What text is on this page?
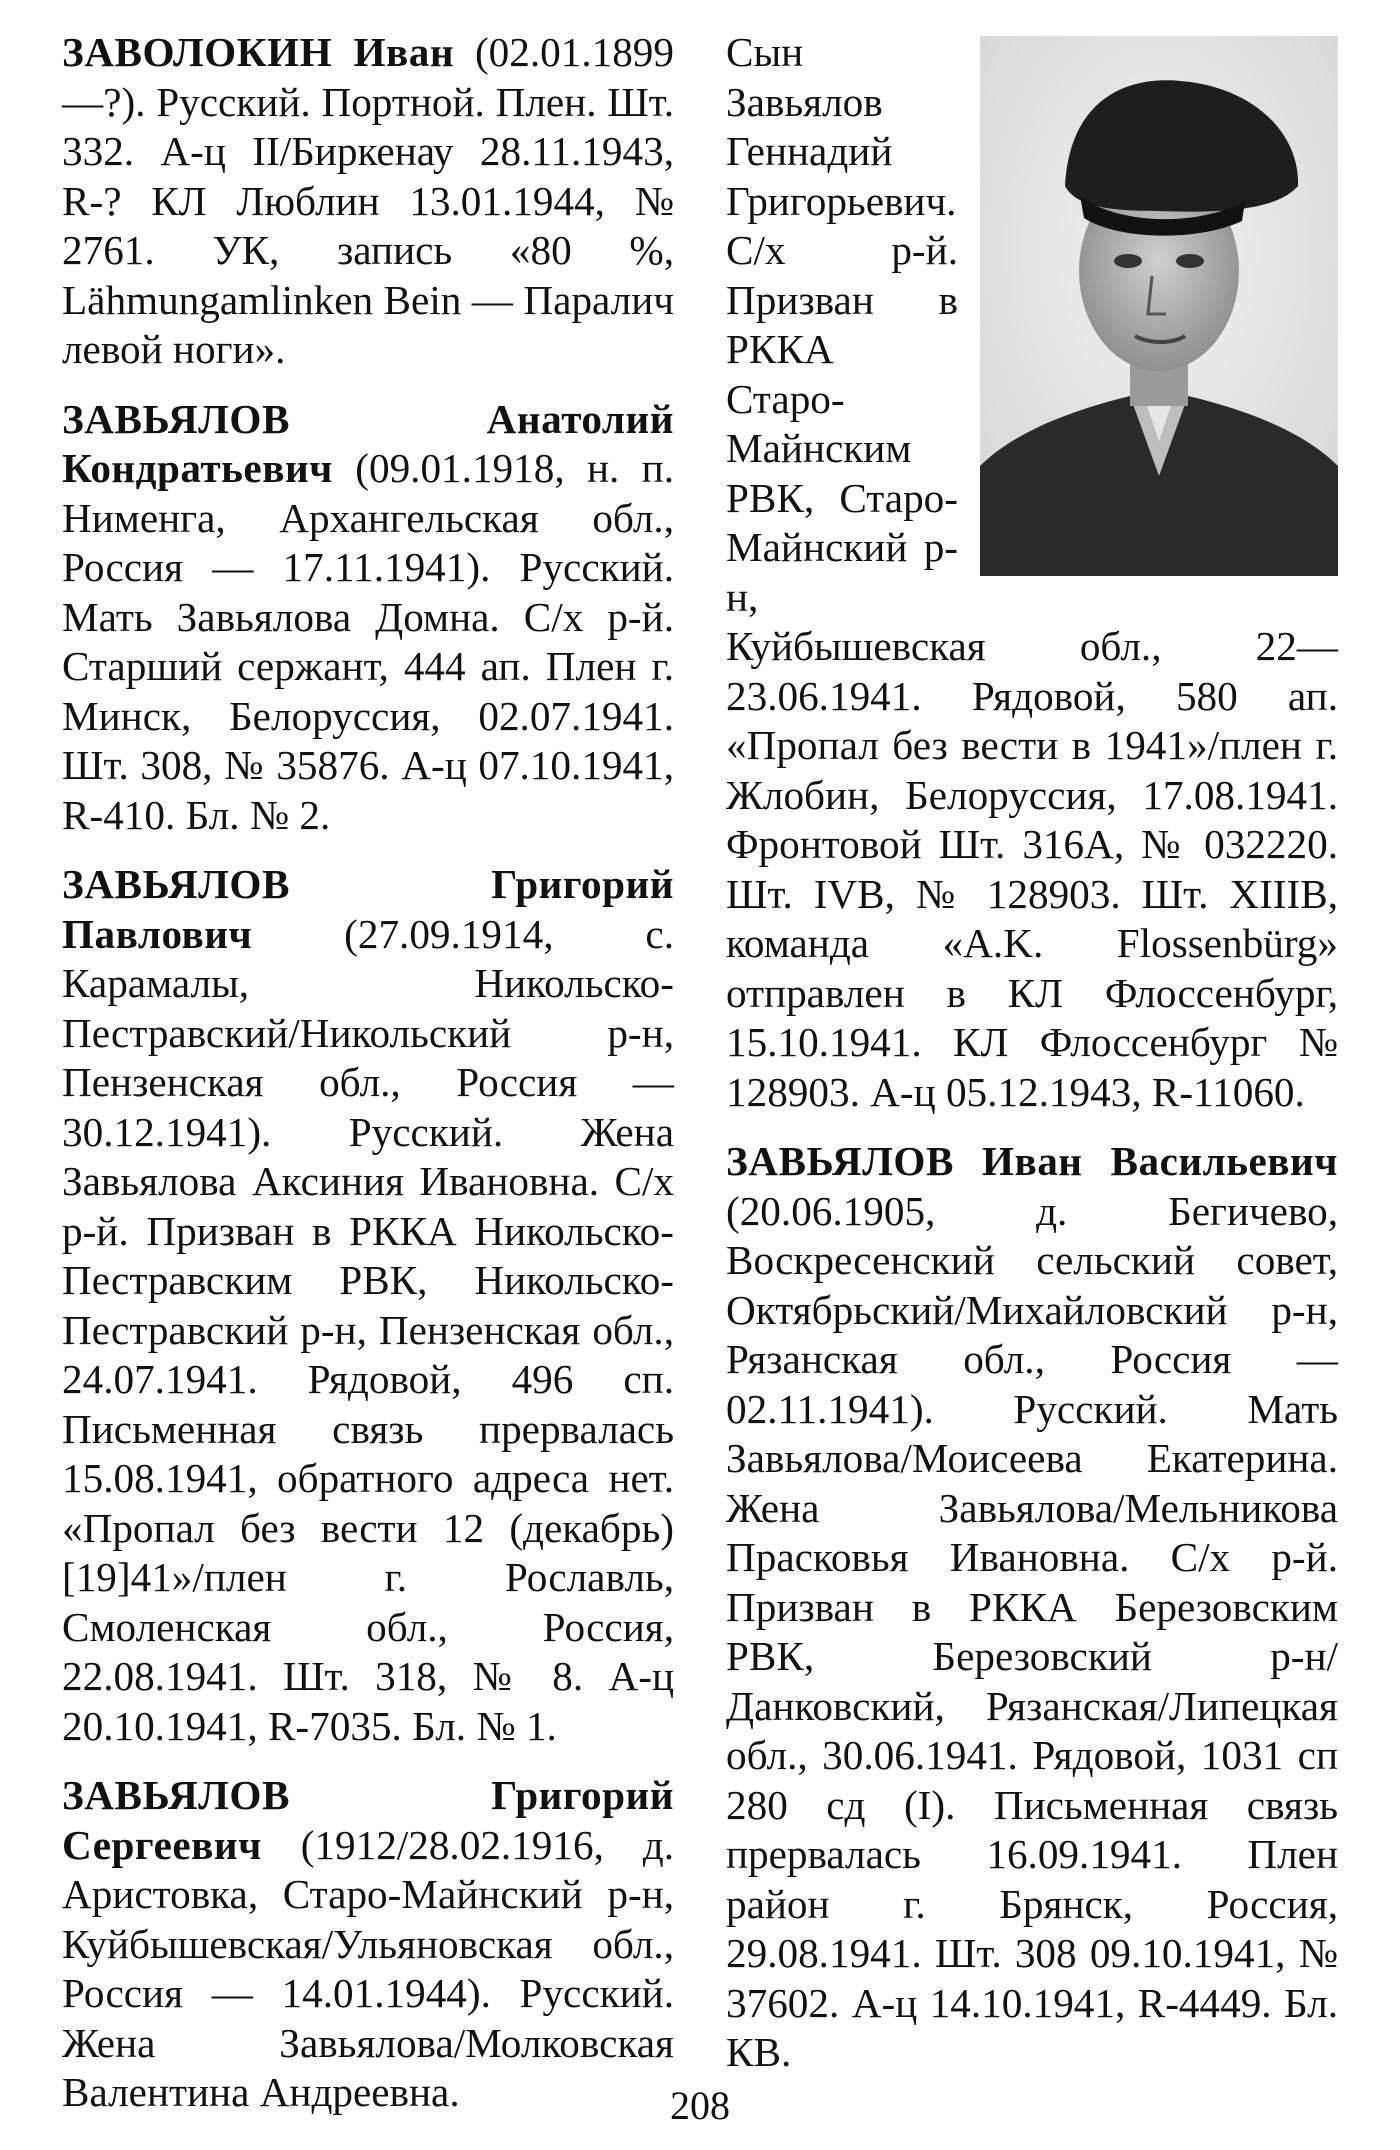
ЗАВОЛОКИН Иван (02.01.1899—?). Русский. Портной. Плен. Шт. 332. А-ц II/Биркенау 28.11.1943, R-? КЛ Люблин 13.01.1944, № 2761. УК, запись «80 %, Lähmungamlinken Bein — Паралич левой ноги».

ЗАВЬЯЛОВ Анатолий Кондратьевич (09.01.1918, н. п. Нименга, Архангельская обл., Россия — 17.11.1941). Русский. Мать Завьялова Домна. С/х р-й. Старший сержант, 444 ап. Плен г. Минск, Белоруссия, 02.07.1941. Шт. 308, № 35876. А-ц 07.10.1941, R-410. Бл. № 2.

ЗАВЬЯЛОВ Григорий Павлович (27.09.1914, с. Карамалы, Никольско-Пестравский/Никольский р-н, Пензенская обл., Россия — 30.12.1941). Русский. Жена Завьялова Аксиния Ивановна. С/х р-й. Призван в РККА Никольско-Пестравским РВК, Никольско-Пестравский р-н, Пензенская обл., 24.07.1941. Рядовой, 496 сп. Письменная связь прервалась 15.08.1941, обратного адреса нет. «Пропал без вести 12 (декабрь) [19]41»/плен г. Рославль, Смоленская обл., Россия, 22.08.1941. Шт. 318, № 8. А-ц 20.10.1941, R-7035. Бл. № 1.

ЗАВЬЯЛОВ Григорий Сергеевич (1912/28.02.1916, д. Аристовка, Старо-Майнский р-н, Куйбышевская/Ульяновская обл., Россия — 14.01.1944). Русский. Жена Завьялова/Молковская Валентина Андреевна.

Сын Завьялов Геннадий Григорьевич. С/х р-й. Призван в РККА Старо-Майнским РВК, Старо-Майнский р-н, Куйбышевская обл., 22—23.06.1941. Рядовой, 580 ап. «Пропал без вести в 1941»/плен г. Жлобин, Белоруссия, 17.08.1941. Фронтовой Шт. 316А, № 032220. Шт. IVB, № 128903. Шт. XIIIB, команда «A.K. Flossenbürg» отправлен в КЛ Флоссенбург, 15.10.1941. КЛ Флоссенбург № 128903. А-ц 05.12.1943, R-11060.

ЗАВЬЯЛОВ Иван Васильевич (20.06.1905, д. Бегичево, Воскресенский сельский совет, Октябрьский/Михайловский р-н, Рязанская обл., Россия — 02.11.1941). Русский. Мать Завьялова/Моисеева Екатерина. Жена Завьялова/Мельникова Прасковья Ивановна. С/х р-й. Призван в РККА Березовским РВК, Березовский р-н/Данковский, Рязанская/Липецкая обл., 30.06.1941. Рядовой, 1031 сп 280 сд (I). Письменная связь прервалась 16.09.1941. Плен район г. Брянск, Россия, 29.08.1941. Шт. 308 09.10.1941, № 37602. А-ц 14.10.1941, R-4449. Бл. КВ.

208
